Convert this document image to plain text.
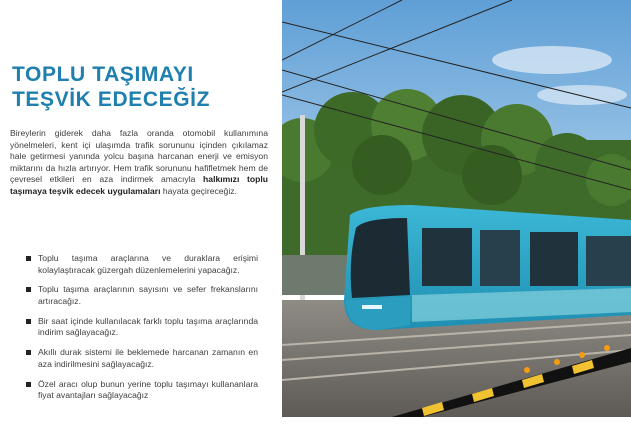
TOPLU TAŞIMAYI
TEŞVİK EDECEĞİZ

Bireylerin giderek daha fazla oranda otomobil kullanımına yönelmeleri, kent içi ulaşımda trafik sorununu içinden çıkılamaz hale getirmesi yanında yolcu başına harcanan enerji ve emisyon miktarını da hızla artırıyor. Hem trafik sorununu hafifletmek hem de çevresel etkileri en aza indirmek amacıyla halkımızı toplu taşımaya teşvik edecek uygulamaları hayata geçireceğiz.

Toplu taşıma araçlarına ve duraklara erişimi kolaylaştıracak güzergah düzenlemelerini yapacağız.
Toplu taşıma araçlarının sayısını ve sefer frekanslarını artıracağız.
Bir saat içinde kullanılacak farklı toplu taşıma araçlarında indirim sağlayacağız.
Akıllı durak sistemi ile beklemede harcanan zamanın en aza indirilmesini sağlayacağız.
Özel aracı olup bunun yerine toplu taşımayı kullananlara fiyat avantajları sağlayacağız
